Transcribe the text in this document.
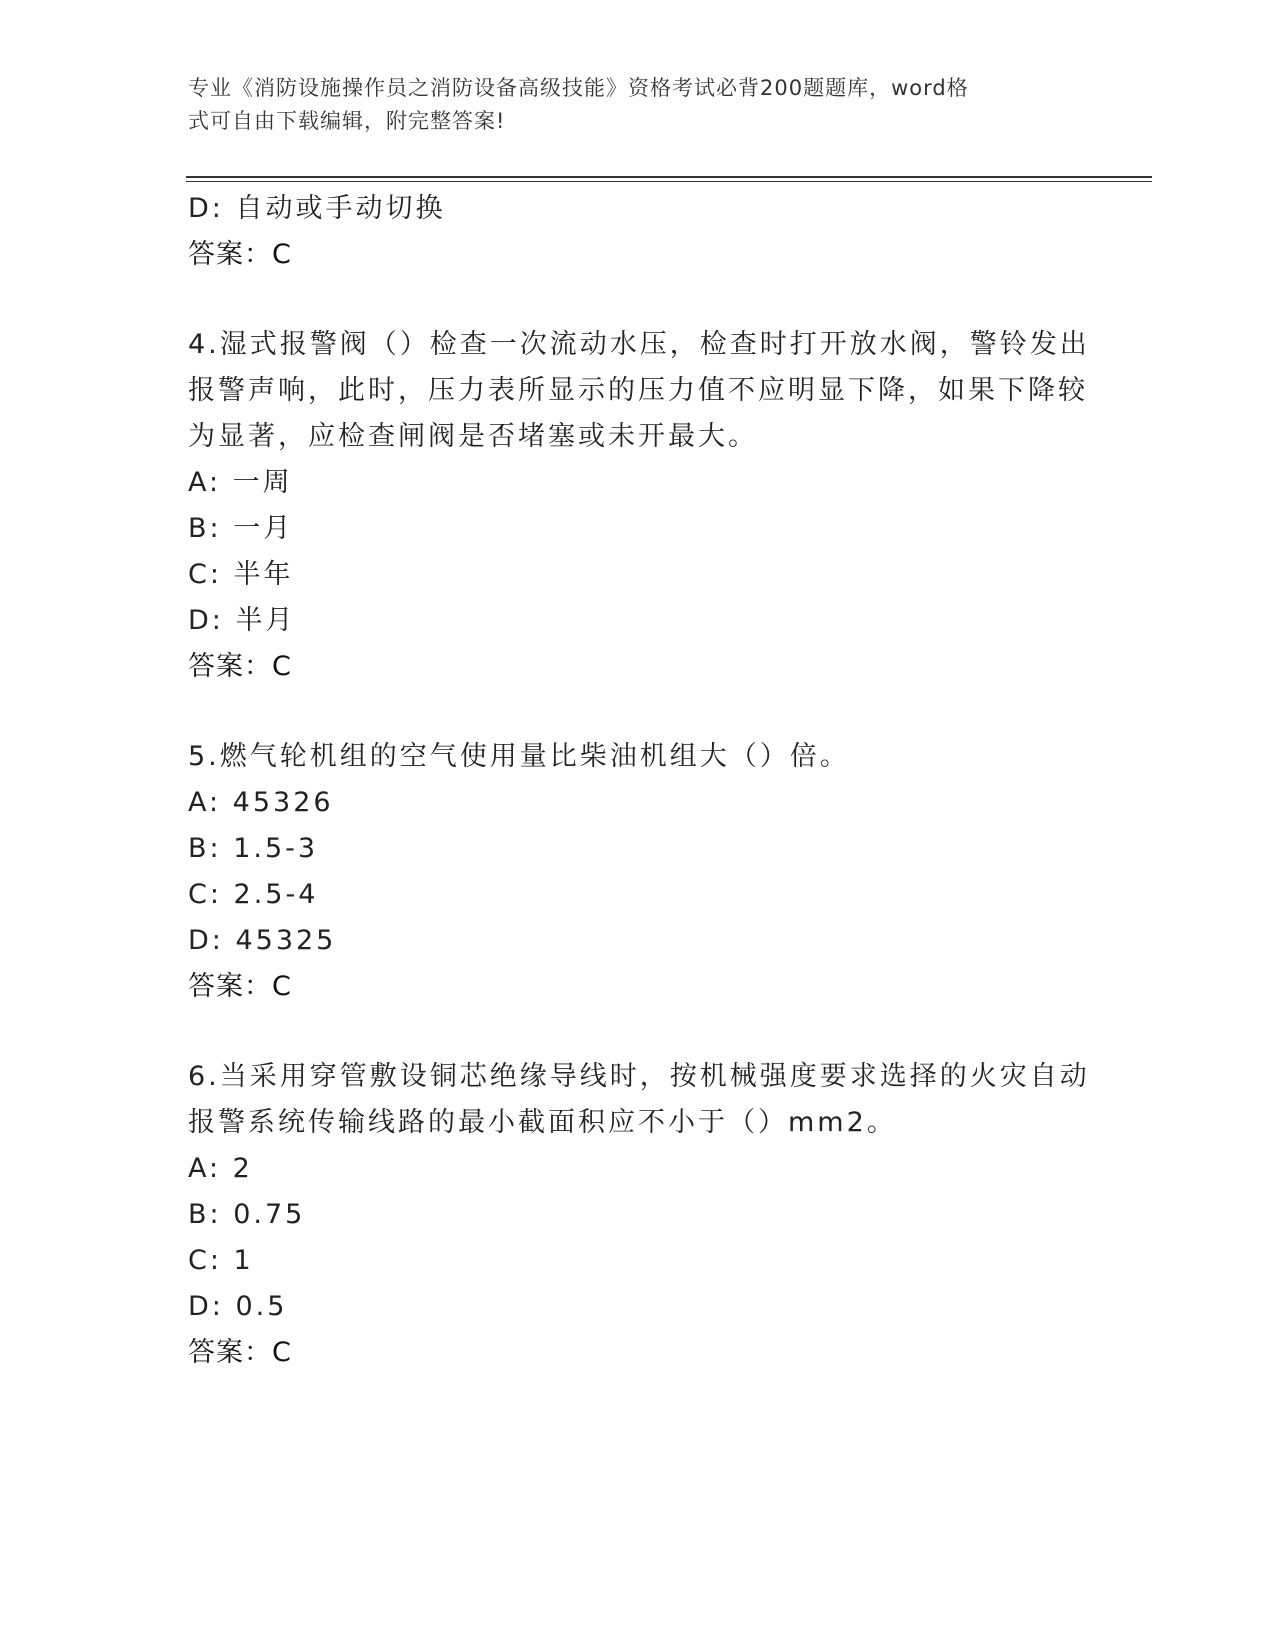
专业《消防设施操作员之消防设备高级技能》资格考试必背200题题库，word格
式可自由下载编辑，附完整答案!
D: 自动或手动切换
答案：C
4.湿式报警阀（）检查一次流动水压，检查时打开放水阀，警铃发出
报警声响，此时，压力表所显示的压力值不应明显下降，如果下降较
为显著，应检查闸阀是否堵塞或未开最大。
A: 一周
B: 一月
C: 半年
D: 半月
答案：C
5.燃气轮机组的空气使用量比柴油机组大（）倍。
A: 45326
B: 1.5-3
C: 2.5-4
D: 45325
答案：C
6.当采用穿管敷设铜芯绝缘导线时，按机械强度要求选择的火灾自动
报警系统传输线路的最小截面积应不小于（）mm2。
A: 2
B: 0.75
C: 1
D: 0.5
答案：C
